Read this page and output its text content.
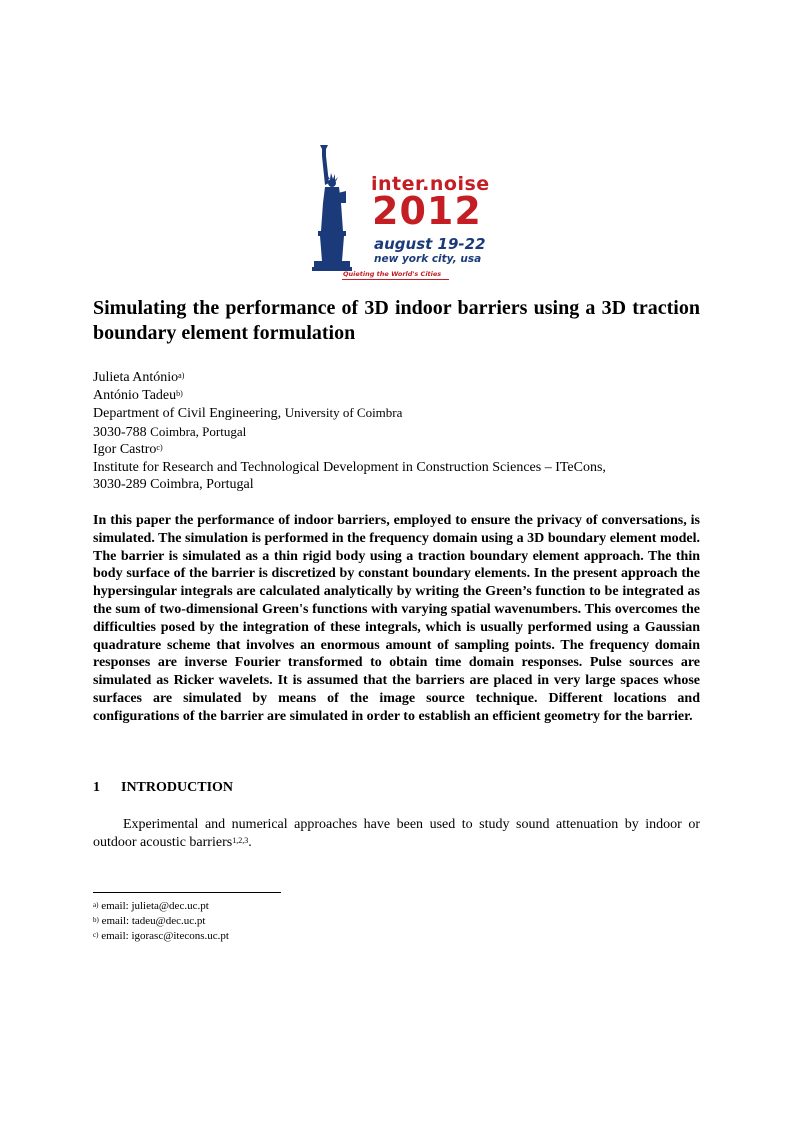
inter.noise
2012
august 19-22
new york city, usa
Quieting the World's Cities
Simulating the performance of 3D indoor barriers using a 3D traction boundary element formulation
Julieta António$^{a)}$
António Tadeu$^{b)}$
Department of Civil Engineering, University of Coimbra
3030-788 Coimbra, Portugal
Igor Castro$^{c)}$
Institute for Research and Technological Development in Construction Sciences – ITeCons,
3030-289 Coimbra, Portugal

In this paper the performance of indoor barriers, employed to ensure the privacy of conversations, is simulated. The simulation is performed in the frequency domain using a 3D boundary element model. The barrier is simulated as a thin rigid body using a traction boundary element approach. The thin body surface of the barrier is discretized by constant boundary elements. In the present approach the hypersingular integrals are calculated analytically by writing the Green’s function to be integrated as the sum of two-dimensional Green's functions with varying spatial wavenumbers. This overcomes the difficulties posed by the integration of these integrals, which is usually performed using a Gaussian quadrature scheme that involves an enormous amount of sampling points. The frequency domain responses are inverse Fourier transformed to obtain time domain responses. Pulse sources are simulated as Ricker wavelets. It is assumed that the barriers are placed in very large spaces whose surfaces are simulated by means of the image source technique. Different locations and configurations of the barrier are simulated in order to establish an efficient geometry for the barrier.

1 INTRODUCTION

Experimental and numerical approaches have been used to study sound attenuation by indoor or outdoor acoustic barriers$^{1,2,3}$.

$^{a)}$ email: julieta@dec.uc.pt
$^{b)}$ email: tadeu@dec.uc.pt
$^{c)}$ email: igorasc@itecons.uc.pt
